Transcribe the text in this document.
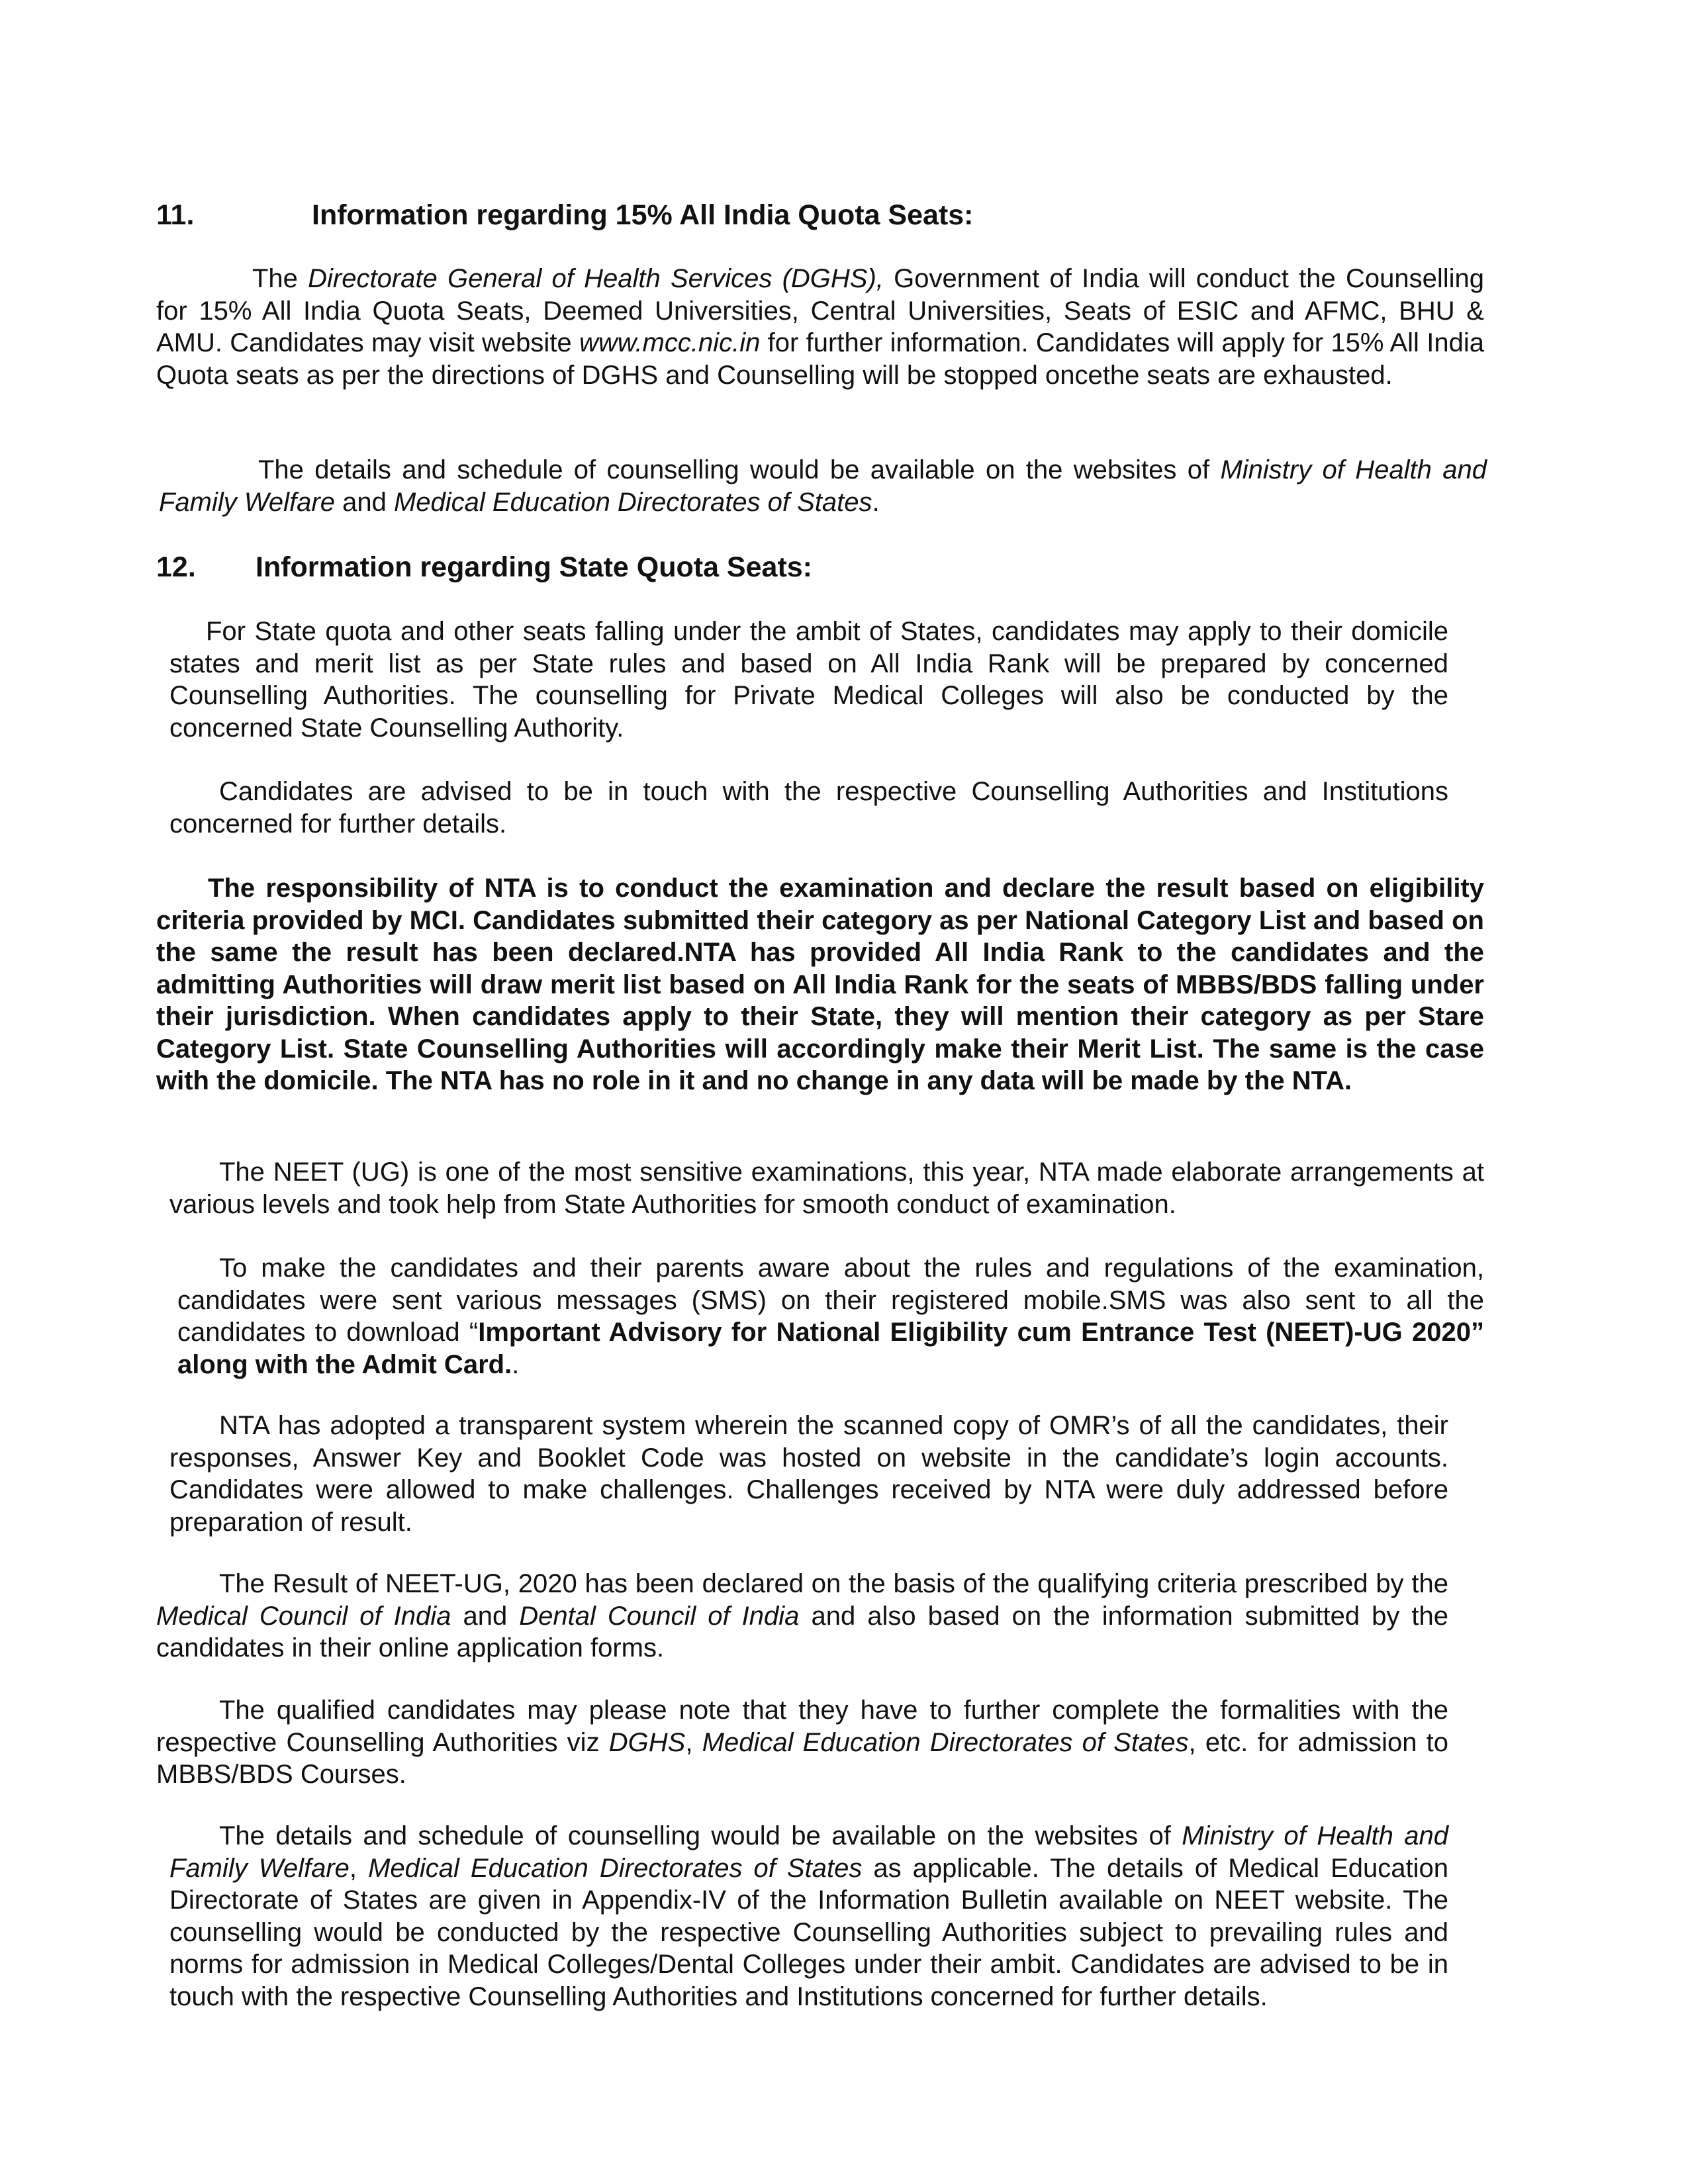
11.	Information regarding 15% All India Quota Seats:

The Directorate General of Health Services (DGHS), Government of India will conduct the Counselling for 15% All India Quota Seats, Deemed Universities, Central Universities, Seats of ESIC and AFMC, BHU & AMU. Candidates may visit website www.mcc.nic.in for further information. Candidates will apply for 15% All India Quota seats as per the directions of DGHS and Counselling will be stopped oncethe seats are exhausted.

The details and schedule of counselling would be available on the websites of Ministry of Health and Family Welfare and Medical Education Directorates of States.

12. Information regarding State Quota Seats:

For State quota and other seats falling under the ambit of States, candidates may apply to their domicile states and merit list as per State rules and based on All India Rank will be prepared by concerned Counselling Authorities. The counselling for Private Medical Colleges will also be conducted by the concerned State Counselling Authority.

Candidates are advised to be in touch with the respective Counselling Authorities and Institutions concerned for further details.

The responsibility of NTA is to conduct the examination and declare the result based on eligibility criteria provided by MCI. Candidates submitted their category as per National Category List and based on the same the result has been declared.NTA has provided All India Rank to the candidates and the admitting Authorities will draw merit list based on All India Rank for the seats of MBBS/BDS falling under their jurisdiction. When candidates apply to their State, they will mention their category as per Stare Category List. State Counselling Authorities will accordingly make their Merit List. The same is the case with the domicile. The NTA has no role in it and no change in any data will be made by the NTA.

The NEET (UG) is one of the most sensitive examinations, this year, NTA made elaborate arrangements at various levels and took help from State Authorities for smooth conduct of examination.

To make the candidates and their parents aware about the rules and regulations of the examination, candidates were sent various messages (SMS) on their registered mobile.SMS was also sent to all the candidates to download “Important Advisory for National Eligibility cum Entrance Test (NEET)-UG 2020” along with the Admit Card..

NTA has adopted a transparent system wherein the scanned copy of OMR’s of all the candidates, their responses, Answer Key and Booklet Code was hosted on website in the candidate’s login accounts. Candidates were allowed to make challenges. Challenges received by NTA were duly addressed before preparation of result.

The Result of NEET-UG, 2020 has been declared on the basis of the qualifying criteria prescribed by the Medical Council of India and Dental Council of India and also based on the information submitted by the candidates in their online application forms.

The qualified candidates may please note that they have to further complete the formalities with the respective Counselling Authorities viz DGHS, Medical Education Directorates of States, etc. for admission to MBBS/BDS Courses.

The details and schedule of counselling would be available on the websites of Ministry of Health and Family Welfare, Medical Education Directorates of States as applicable. The details of Medical Education Directorate of States are given in Appendix-IV of the Information Bulletin available on NEET website. The counselling would be conducted by the respective Counselling Authorities subject to prevailing rules and norms for admission in Medical Colleges/Dental Colleges under their ambit. Candidates are advised to be in touch with the respective Counselling Authorities and Institutions concerned for further details.
